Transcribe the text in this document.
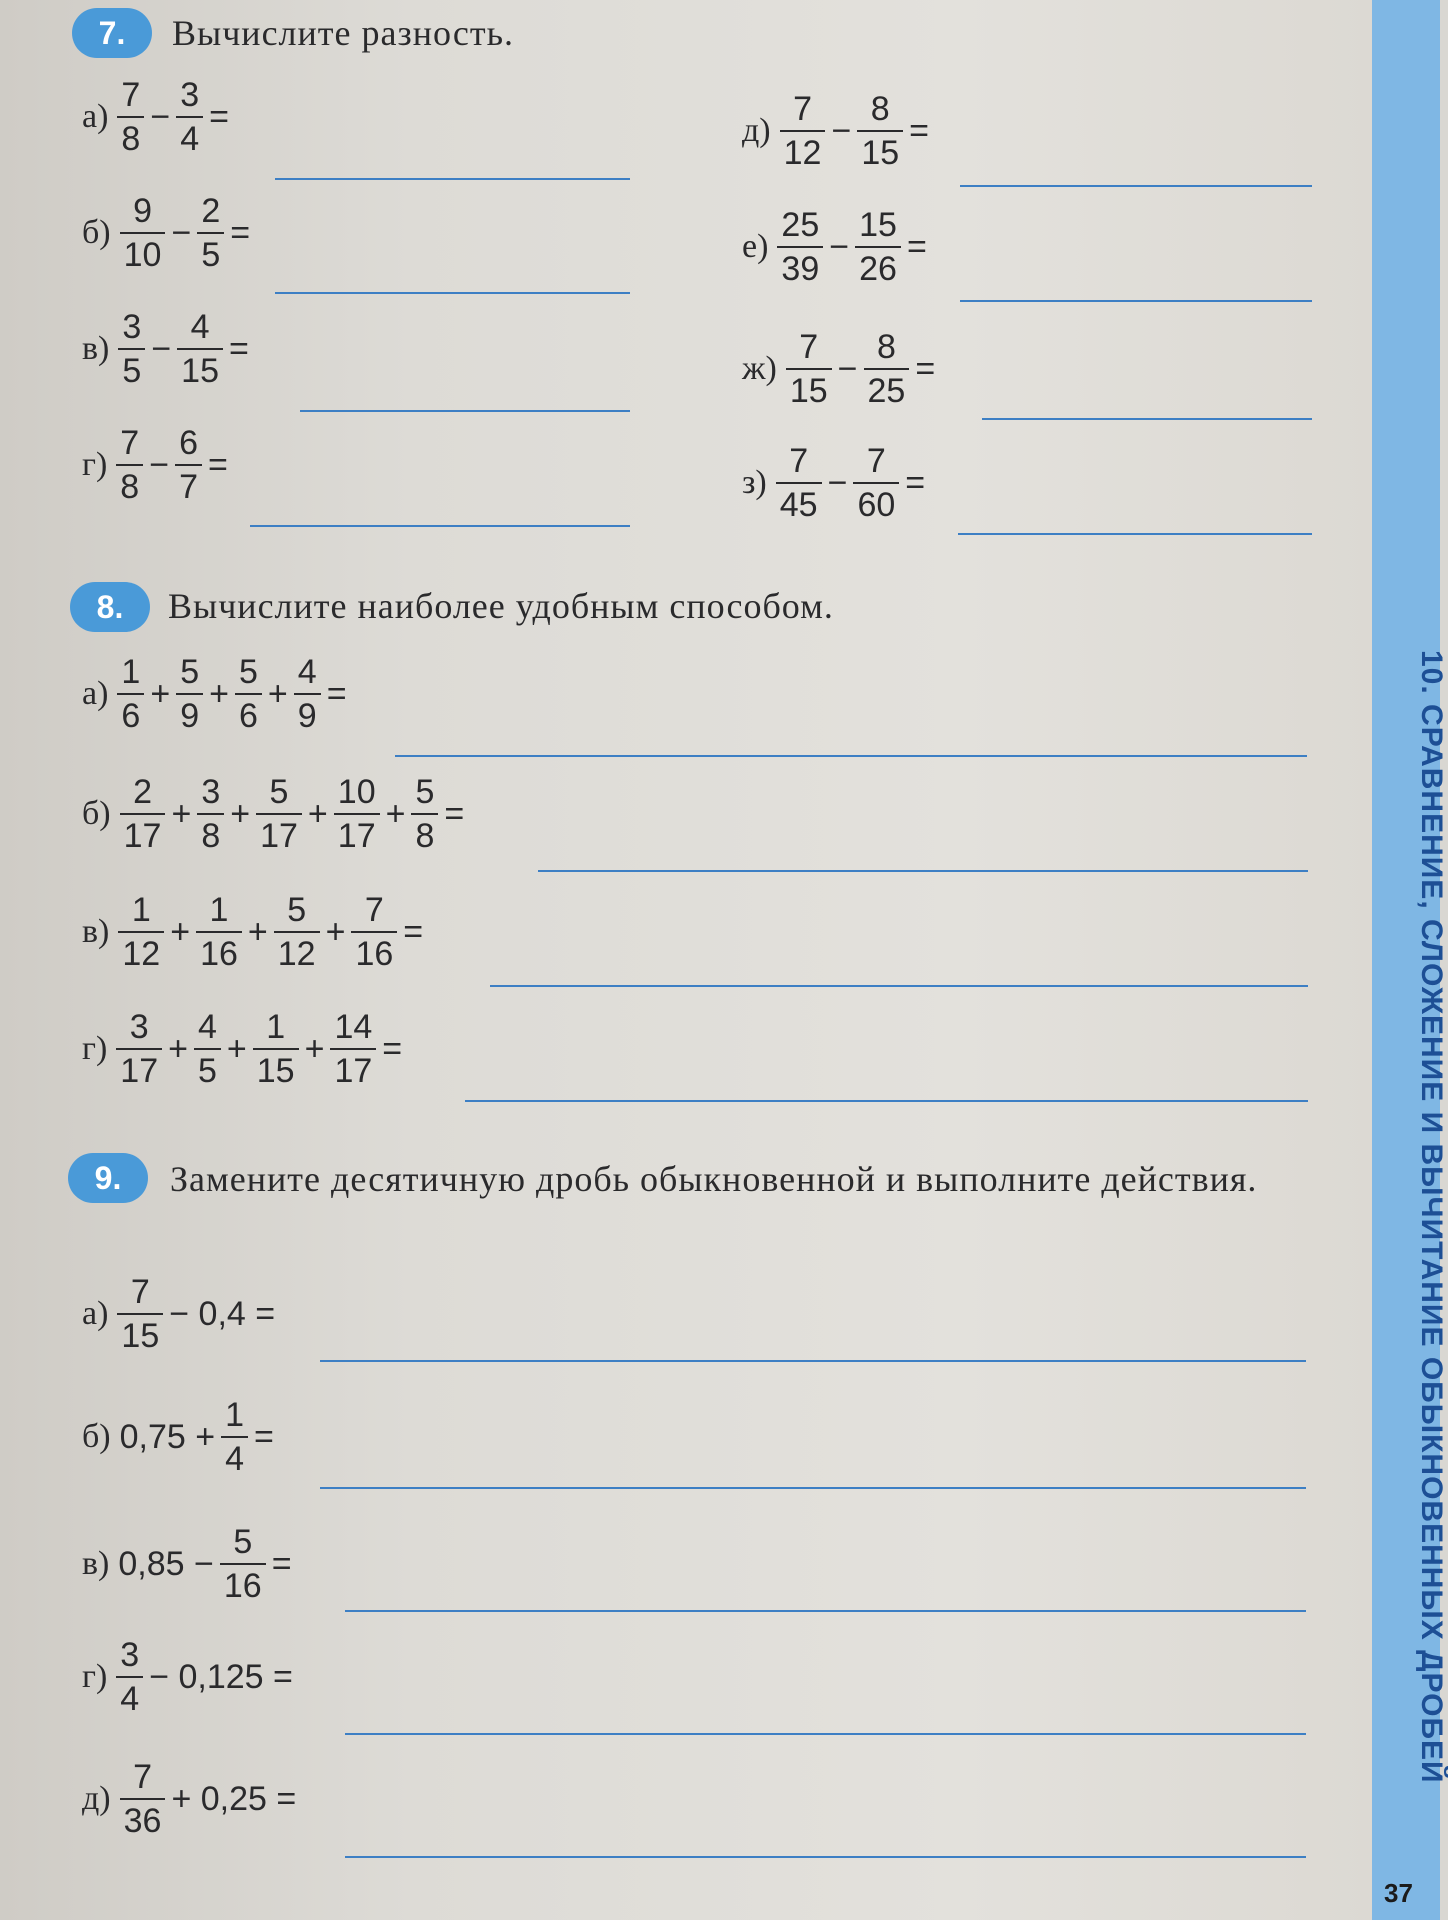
10. СРАВНЕНИЕ, СЛОЖЕНИЕ И ВЫЧИТАНИЕ ОБЫКНОВЕННЫХ ДРОБЕЙ
37
7.	Вычислите разность.
$а) \frac{7}{8} - \frac{3}{4}$ =
$б) \frac{9}{10} - \frac{2}{5}$ =
$в) \frac{3}{5} - \frac{4}{15}$ =
$г) \frac{7}{8} - \frac{6}{7}$ =
$д) \frac{7}{12} - \frac{8}{15}$ =
$е) \frac{25}{39} - \frac{15}{26}$ =
$ж) \frac{7}{15} - \frac{8}{25}$ =
$з) \frac{7}{45} - \frac{7}{60}$ =
8.	Вычислите наиболее удобным способом.
$а) \frac{1}{6} + \frac{5}{9} + \frac{5}{6} + \frac{4}{9}$ =
$б) \frac{2}{17} + \frac{3}{8} + \frac{5}{17} + \frac{10}{17} + \frac{5}{8}$ =
$в) \frac{1}{12} + \frac{1}{16} + \frac{5}{12} + \frac{7}{16}$ =
$г) \frac{3}{17} + \frac{4}{5} + \frac{1}{15} + \frac{14}{17}$ =
9.	Замените десятичную дробь обыкновенной и выполните действия.
$а) \frac{7}{15} - 0,4$ =
б) $0,75 + \frac{1}{4}$ =
в) $0,85 - \frac{5}{16}$ =
$г) \frac{3}{4} - 0,125$ =
$д) \frac{7}{36} + 0,25$ =
